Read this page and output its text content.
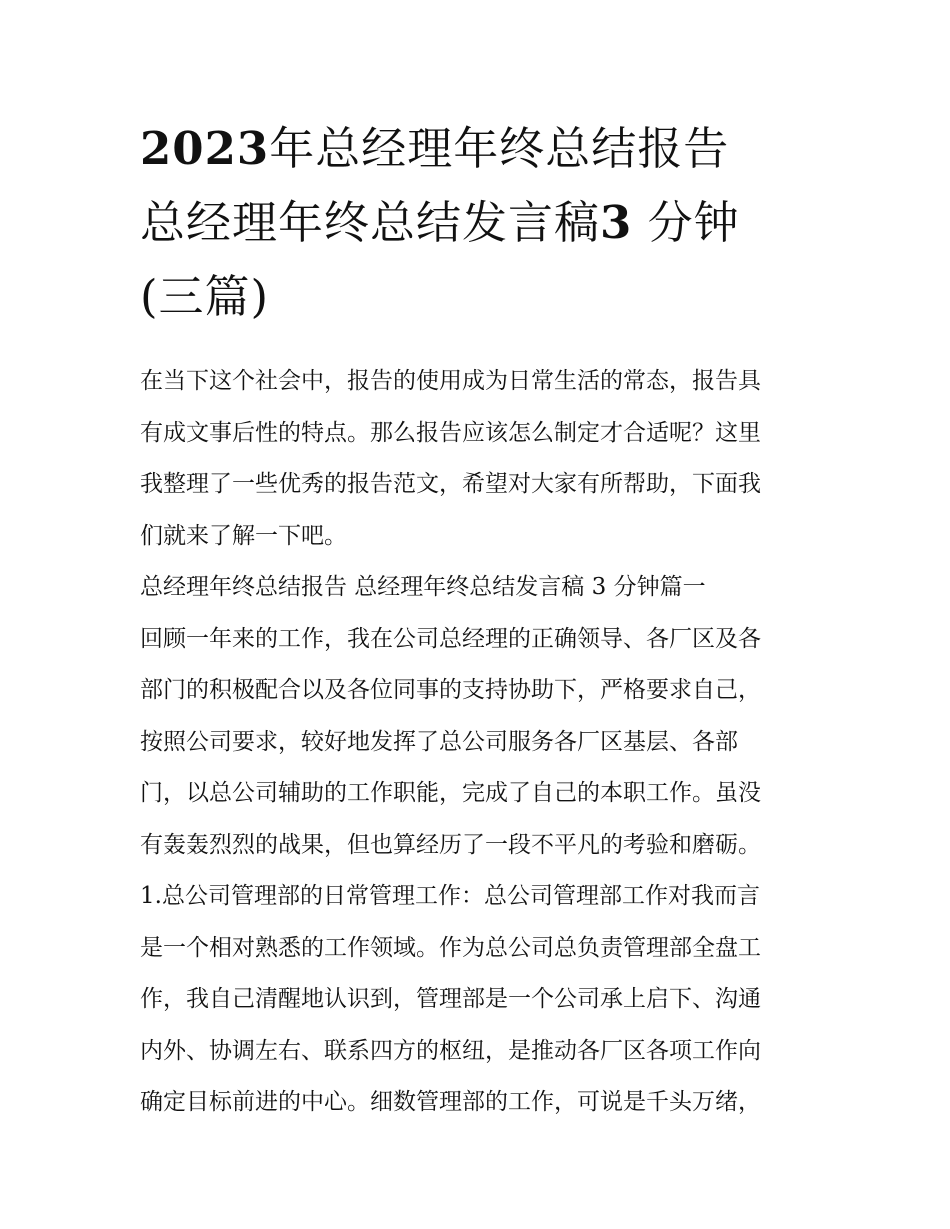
2023年总经理年终总结报告
总经理年终总结发言稿3 分钟
(三篇)
在当下这个社会中，报告的使用成为日常生活的常态，报告具
有成文事后性的特点。那么报告应该怎么制定才合适呢？这里
我整理了一些优秀的报告范文，希望对大家有所帮助，下面我
们就来了解一下吧。
总经理年终总结报告 总经理年终总结发言稿 3 分钟篇一
回顾一年来的工作，我在公司总经理的正确领导、各厂区及各
部门的积极配合以及各位同事的支持协助下，严格要求自己，
按照公司要求，较好地发挥了总公司服务各厂区基层、各部
门，以总公司辅助的工作职能，完成了自己的本职工作。虽没
有轰轰烈烈的战果，但也算经历了一段不平凡的考验和磨砺。
1.总公司管理部的日常管理工作：总公司管理部工作对我而言
是一个相对熟悉的工作领域。作为总公司总负责管理部全盘工
作，我自己清醒地认识到，管理部是一个公司承上启下、沟通
内外、协调左右、联系四方的枢纽，是推动各厂区各项工作向
确定目标前进的中心。细数管理部的工作，可说是千头万绪，
